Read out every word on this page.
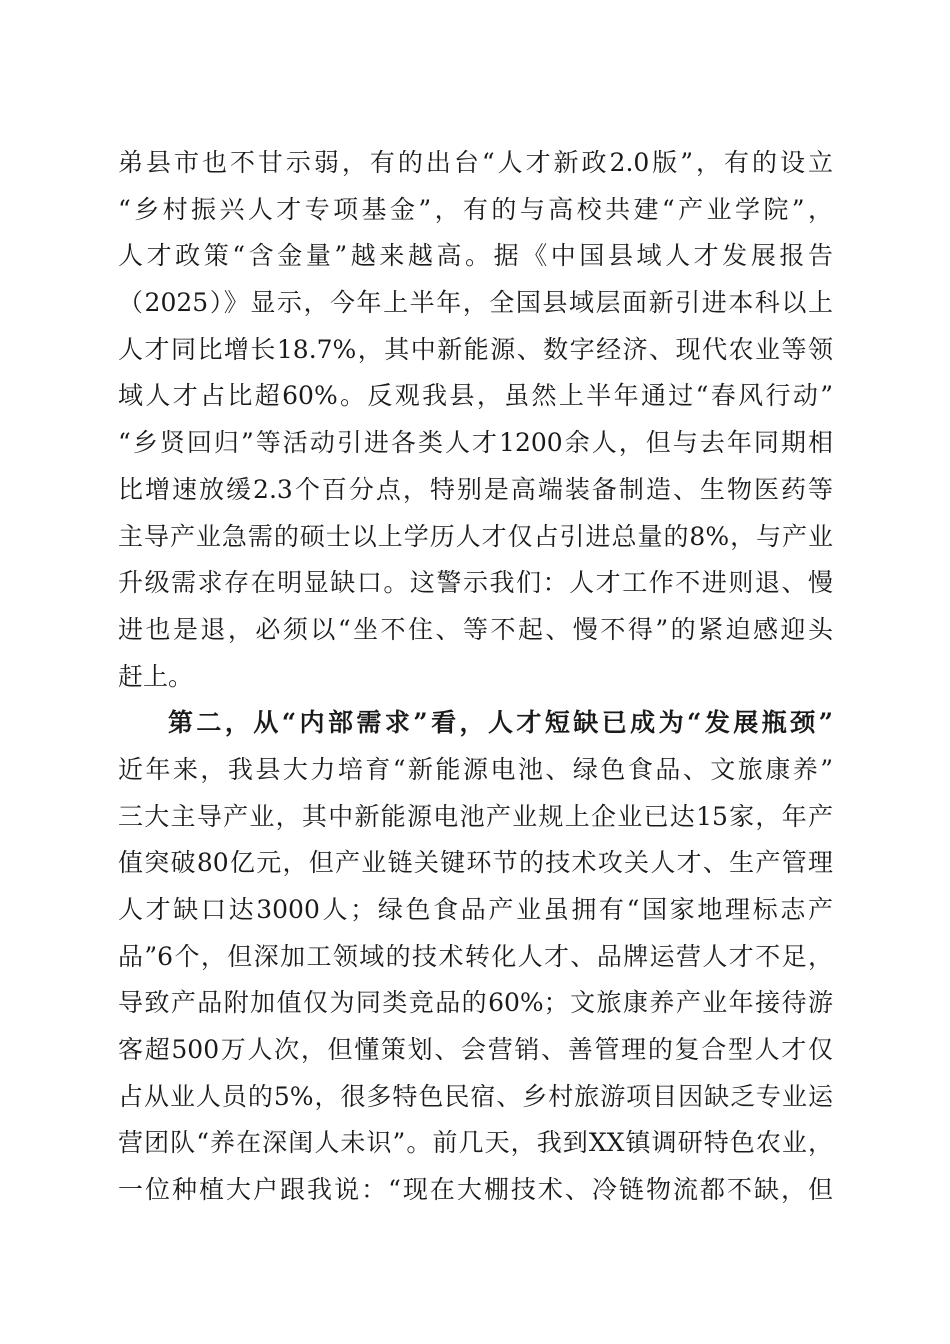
弟县市也不甘示弱，有的出台“人才新政2.0版”，有的设立
“乡村振兴人才专项基金”，有的与高校共建“产业学院”，
人才政策“含金量”越来越高。据《中国县域人才发展报告
（2025）》显示，今年上半年，全国县域层面新引进本科以上
人才同比增长18.7%，其中新能源、数字经济、现代农业等领
域人才占比超60%。反观我县，虽然上半年通过“春风行动”
“乡贤回归”等活动引进各类人才1200余人，但与去年同期相
比增速放缓2.3个百分点，特别是高端装备制造、生物医药等
主导产业急需的硕士以上学历人才仅占引进总量的8%，与产业
升级需求存在明显缺口。这警示我们：人才工作不进则退、慢
进也是退，必须以“坐不住、等不起、慢不得”的紧迫感迎头
赶上。
第二，从“内部需求”看，人才短缺已成为“发展瓶颈”
近年来，我县大力培育“新能源电池、绿色食品、文旅康养”
三大主导产业，其中新能源电池产业规上企业已达15家，年产
值突破80亿元，但产业链关键环节的技术攻关人才、生产管理
人才缺口达3000人；绿色食品产业虽拥有“国家地理标志产
品”6个，但深加工领域的技术转化人才、品牌运营人才不足，
导致产品附加值仅为同类竞品的60%；文旅康养产业年接待游
客超500万人次，但懂策划、会营销、善管理的复合型人才仅
占从业人员的5%，很多特色民宿、乡村旅游项目因缺乏专业运
营团队“养在深闺人未识”。前几天，我到XX镇调研特色农业，
一位种植大户跟我说：“现在大棚技术、冷链物流都不缺，但
